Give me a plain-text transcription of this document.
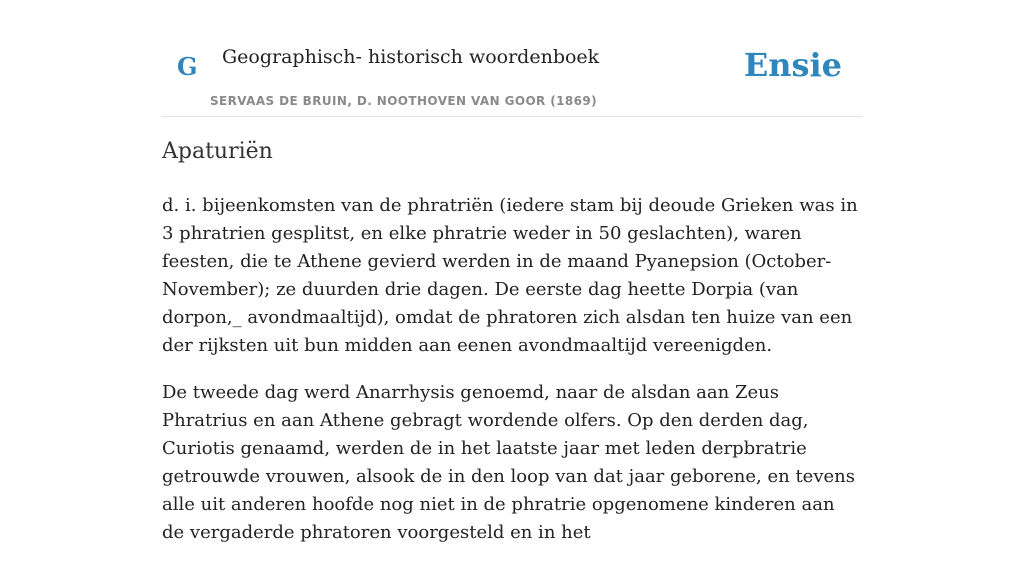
G Geographisch- historisch woordenboek
SERVAAS DE BRUIN, D. NOOTHOVEN VAN GOOR (1869)
Ensie
Apaturiën

d. i. bijeenkomsten van de phratriën (iedere stam bij deoude Grieken was in 3 phratrien gesplitst, en elke phratrie weder in 50 geslachten), waren feesten, die te Athene gevierd werden in de maand Pyanepsion (October-November); ze duurden drie dagen. De eerste dag heette Dorpia (van dorpon,_ avondmaaltijd), omdat de phratoren zich alsdan ten huize van een der rijksten uit bun midden aan eenen avondmaaltijd vereenigden.

De tweede dag werd Anarrhysis genoemd, naar de alsdan aan Zeus Phratrius en aan Athene gebragt wordende olfers. Op den derden dag, Curiotis genaamd, werden de in het laatste jaar met leden derpbratrie getrouwde vrouwen, alsook de in den loop van dat jaar geborene, en tevens alle uit anderen hoofde nog niet in de phratrie opgenomene kinderen aan de vergaderde phratoren voorgesteld en in het
